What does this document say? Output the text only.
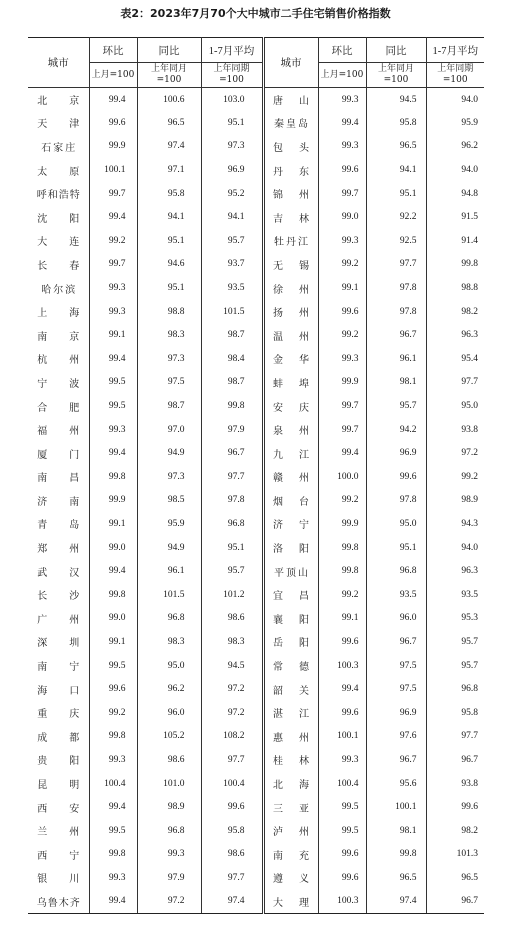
表2：2023年7月70个大中城市二手住宅销售价格指数
城市	环比	同比	1-7月平均	城市	环比	同比	1-7月平均
	上月=100	上年同月=100	上年同期=100		上月=100	上年同月=100	上年同期=100
北京	99.4	100.6	103.0	唐山	99.3	94.5	94.0
天津	99.6	96.5	95.1	秦皇岛	99.4	95.8	95.9
石家庄	99.9	97.4	97.3	包头	99.3	96.5	96.2
太原	100.1	97.1	96.9	丹东	99.6	94.1	94.0
呼和浩特	99.7	95.8	95.2	锦州	99.7	95.1	94.8
沈阳	99.4	94.1	94.1	吉林	99.0	92.2	91.5
大连	99.2	95.1	95.7	牡丹江	99.3	92.5	91.4
长春	99.7	94.6	93.7	无锡	99.2	97.7	99.8
哈尔滨	99.3	95.1	93.5	徐州	99.1	97.8	98.8
上海	99.3	98.8	101.5	扬州	99.6	97.8	98.2
南京	99.1	98.3	98.7	温州	99.2	96.7	96.3
杭州	99.4	97.3	98.4	金华	99.3	96.1	95.4
宁波	99.5	97.5	98.7	蚌埠	99.9	98.1	97.7
合肥	99.5	98.7	99.8	安庆	99.7	95.7	95.0
福州	99.3	97.0	97.9	泉州	99.7	94.2	93.8
厦门	99.4	94.9	96.7	九江	99.4	96.9	97.2
南昌	99.8	97.3	97.7	赣州	100.0	99.6	99.2
济南	99.9	98.5	97.8	烟台	99.2	97.8	98.9
青岛	99.1	95.9	96.8	济宁	99.9	95.0	94.3
郑州	99.0	94.9	95.1	洛阳	99.8	95.1	94.0
武汉	99.4	96.1	95.7	平顶山	99.8	96.8	96.3
长沙	99.8	101.5	101.2	宜昌	99.2	93.5	93.5
广州	99.0	96.8	98.6	襄阳	99.1	96.0	95.3
深圳	99.1	98.3	98.3	岳阳	99.6	96.7	95.7
南宁	99.5	95.0	94.5	常德	100.3	97.5	95.7
海口	99.6	96.2	97.2	韶关	99.4	97.5	96.8
重庆	99.2	96.0	97.2	湛江	99.6	96.9	95.8
成都	99.8	105.2	108.2	惠州	100.1	97.6	97.7
贵阳	99.3	98.6	97.7	桂林	99.3	96.7	96.7
昆明	100.4	101.0	100.4	北海	100.4	95.6	93.8
西安	99.4	98.9	99.6	三亚	99.5	100.1	99.6
兰州	99.5	96.8	95.8	泸州	99.5	98.1	98.2
西宁	99.8	99.3	98.6	南充	99.6	99.8	101.3
银川	99.3	97.9	97.7	遵义	99.6	96.5	96.5
乌鲁木齐	99.4	97.2	97.4	大理	100.3	97.4	96.7
